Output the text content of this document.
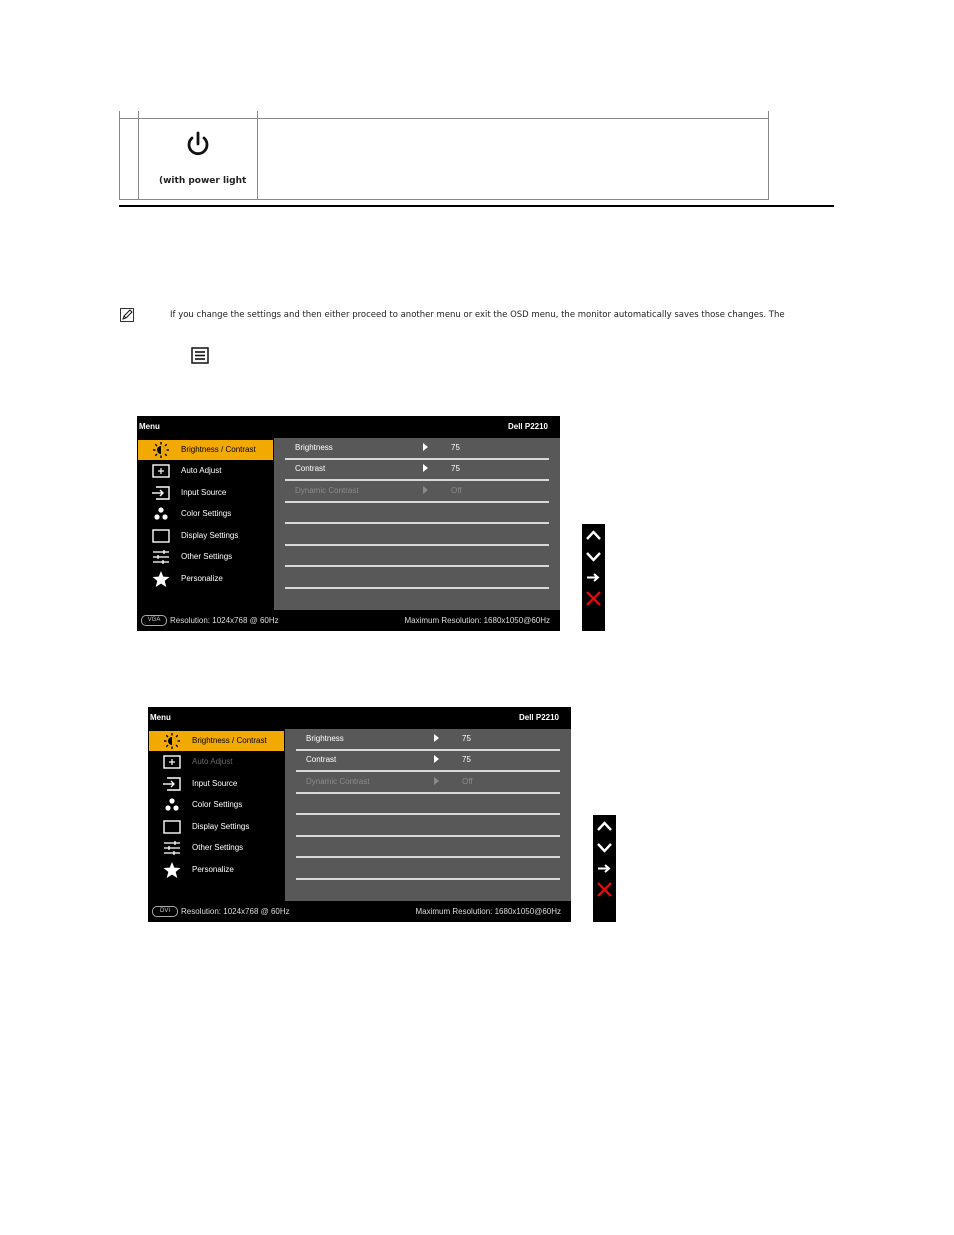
(with power light
If you change the settings and then either proceed to another menu or exit the OSD menu, the monitor automatically saves those changes. The
Menu	Dell P2210
Brightness / Contrast
Auto Adjust
Input Source
Color Settings
Display Settings
Other Settings
Personalize
Brightness	75
Contrast	75
Dynamic Contrast	Off
VGA	Resolution: 1024x768 @ 60Hz	Maximum Resolution: 1680x1050@60Hz
Menu	Dell P2210
Brightness / Contrast
Auto Adjust
Input Source
Color Settings
Display Settings
Other Settings
Personalize
Brightness	75
Contrast	75
Dynamic Contrast	Off
DVI	Resolution: 1024x768 @ 60Hz	Maximum Resolution: 1680x1050@60Hz
